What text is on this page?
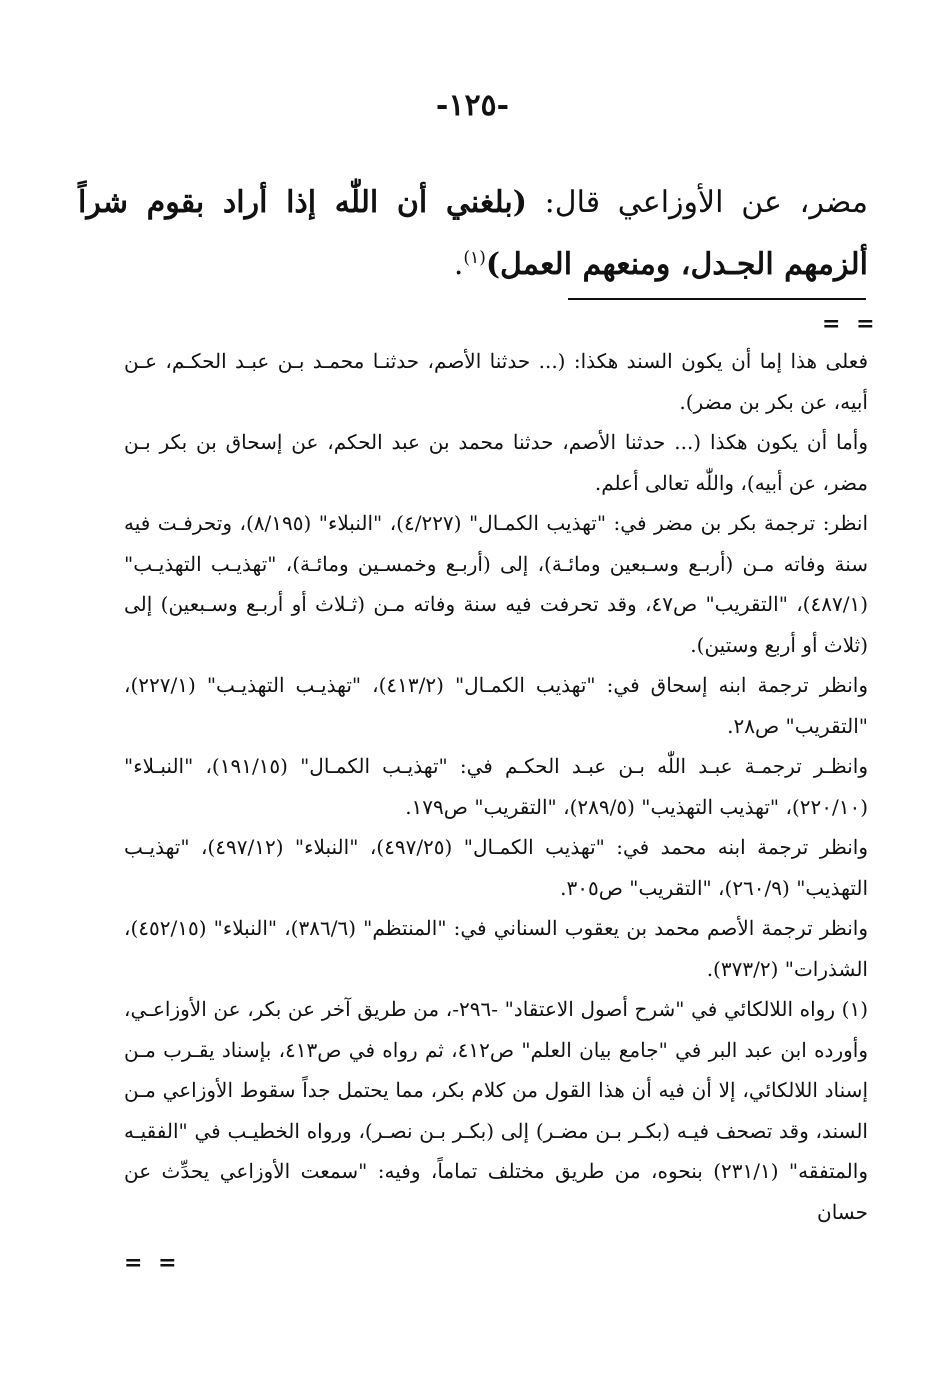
-١٢٥-
مضر، عن الأوزاعي قال: (بلغني أن اللّٰه إذا أراد بقوم شراً ألزمهم الجـدل، ومنعهم العمل)$^{(١)}$.
= =

فعلى هذا إما أن يكون السند هكذا: (... حدثنا الأصم، حدثنـا محمـد بـن عبـد الحكـم، عـن أبيه، عن بكر بن مضر).

وأما أن يكون هكذا (... حدثنا الأصم، حدثنا محمد بن عبد الحكم، عن إسحاق بن بكر بـن مضر، عن أبيه)، واللّٰه تعالى أعلم.

انظر: ترجمة بكر بن مضر في: "تهذيب الكمـال" (٤/٢٢٧)، "النبلاء" (٨/١٩٥)، وتحرفـت فيه سنة وفاته مـن (أربـع وسـبعين ومائـة)، إلى (أربـع وخمسـين ومائـة)، "تهذيـب التهذيـب" (٤٨٧/١)، "التقريب" ص٤٧، وقد تحرفت فيه سنة وفاته مـن (ثـلاث أو أربـع وسـبعين) إلى (ثلاث أو أربع وستين).

وانظر ترجمة ابنه إسحاق في: "تهذيب الكمـال" (٤١٣/٢)، "تهذيـب التهذيـب" (٢٢٧/١)، "التقريب" ص٢٨.

وانظـر ترجمـة عبـد اللّٰه بـن عبـد الحكـم في: "تهذيـب الكمـال" (١٩١/١٥)، "النبـلاء" (٢٢٠/١٠)، "تهذيب التهذيب" (٢٨٩/٥)، "التقريب" ص١٧٩.

وانظر ترجمة ابنه محمد في: "تهذيب الكمـال" (٤٩٧/٢٥)، "النبلاء" (٤٩٧/١٢)، "تهذيـب التهذيب" (٢٦٠/٩)، "التقريب" ص٣٠٥.

وانظر ترجمة الأصم محمد بن يعقوب السناني في: "المنتظم" (٣٨٦/٦)، "النبلاء" (٤٥٢/١٥)، الشذرات" (٣٧٣/٢).

(١) رواه اللالكائي في "شرح أصول الاعتقاد" -٢٩٦-، من طريق آخر عن بكر، عن الأوزاعـي، وأورده ابن عبد البر في "جامع بيان العلم" ص٤١٢، ثم رواه في ص٤١٣، بإسناد يقـرب مـن إسناد اللالكائي، إلا أن فيه أن هذا القول من كلام بكر، مما يحتمل جداً سقوط الأوزاعي مـن السند، وقد تصحف فيـه (بكـر بـن مضـر) إلى (بكـر بـن نصـر)، ورواه الخطيـب في "الفقيـه والمتفقه" (٢٣١/١) بنحوه، من طريق مختلف تماماً، وفيه: "سمعت الأوزاعي يحدِّث عن حسان

= =
